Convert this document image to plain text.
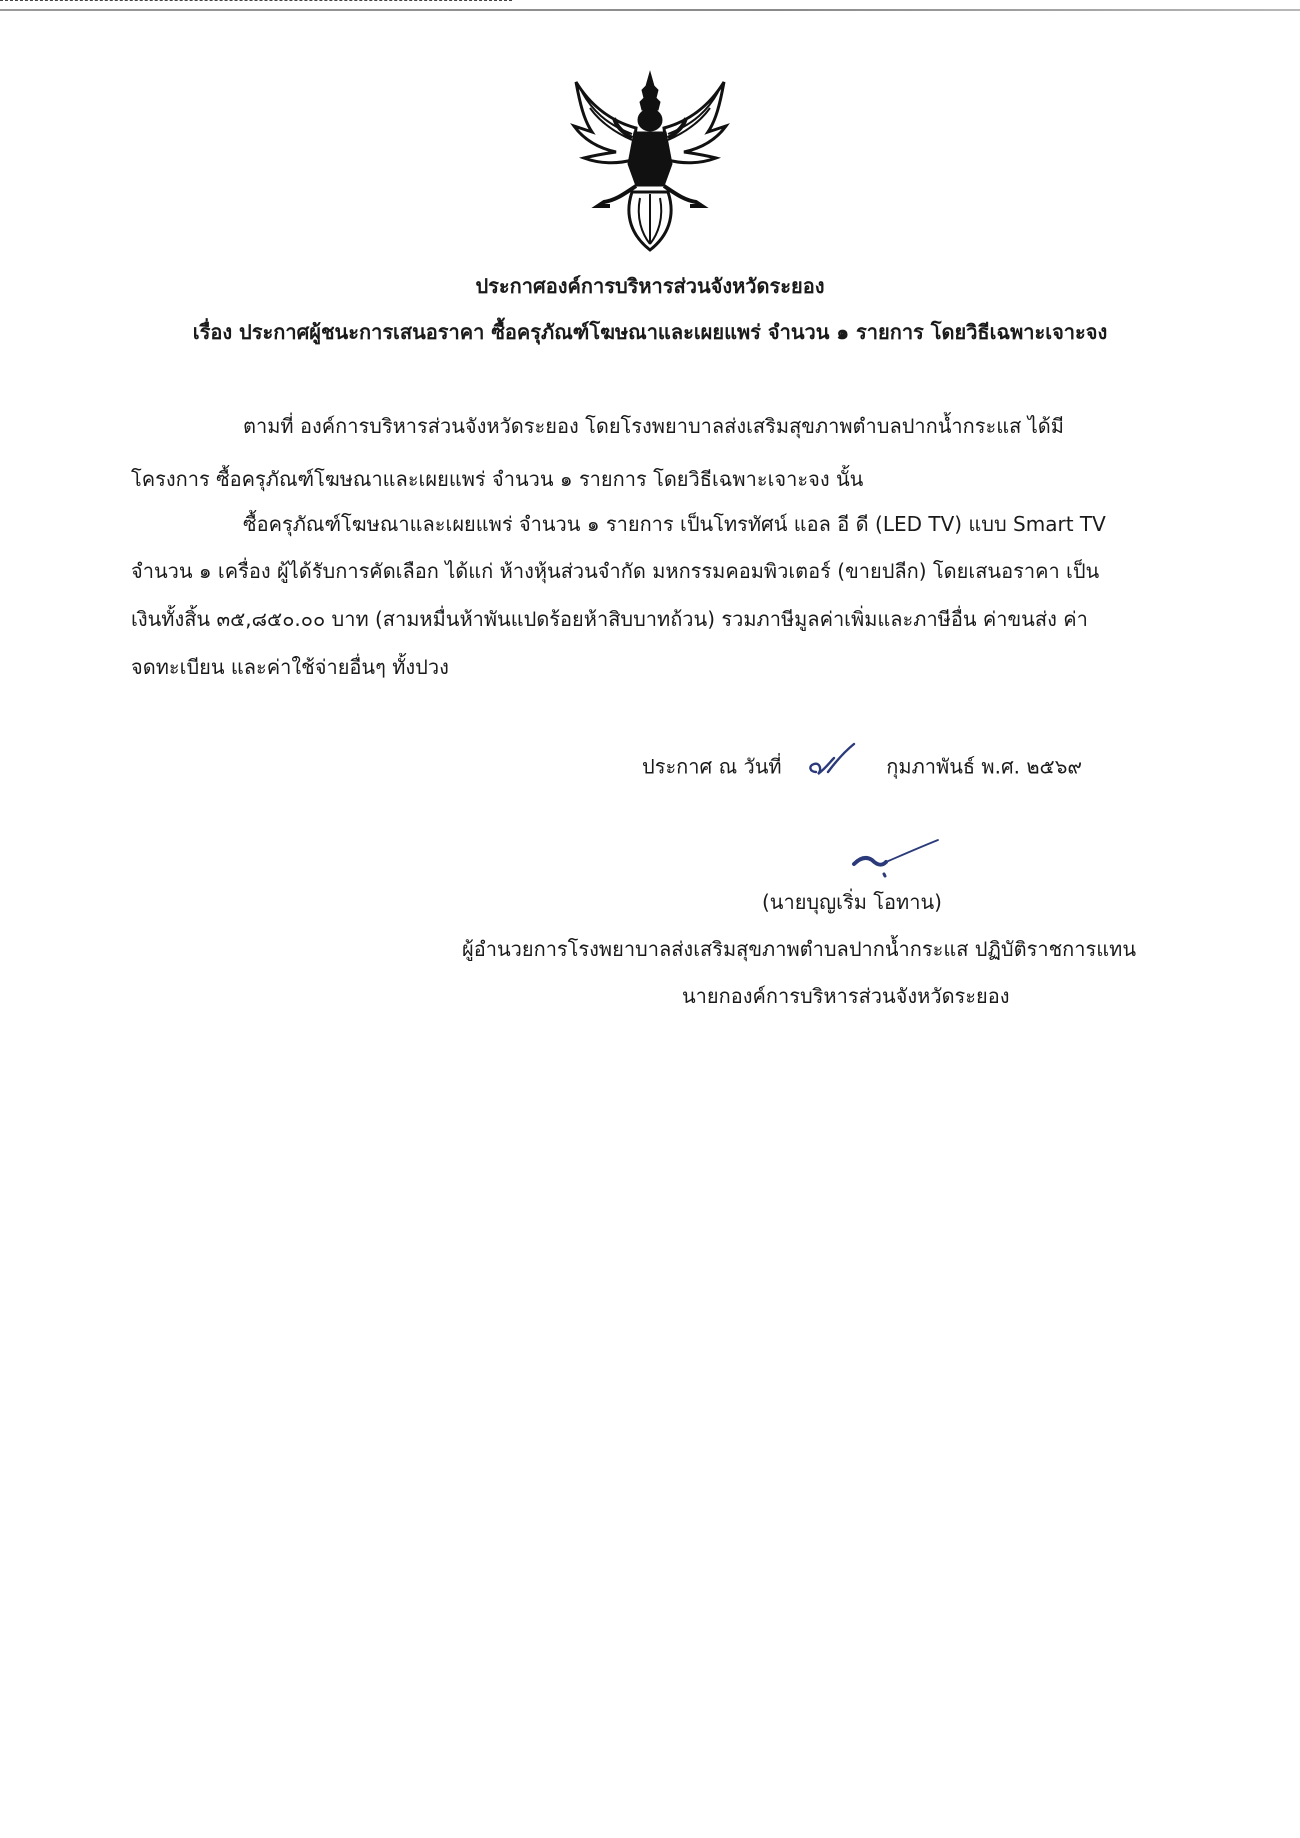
ประกาศองค์การบริหารส่วนจังหวัดระยอง
เรื่อง ประกาศผู้ชนะการเสนอราคา ซื้อครุภัณฑ์โฆษณาและเผยแพร่ จำนวน ๑ รายการ โดยวิธีเฉพาะเจาะจง
ตามที่ องค์การบริหารส่วนจังหวัดระยอง โดยโรงพยาบาลส่งเสริมสุขภาพตำบลปากน้ำกระแส ได้มี
โครงการ ซื้อครุภัณฑ์โฆษณาและเผยแพร่ จำนวน ๑ รายการ โดยวิธีเฉพาะเจาะจง นั้น
ซื้อครุภัณฑ์โฆษณาและเผยแพร่ จำนวน ๑ รายการ เป็นโทรทัศน์ แอล อี ดี (LED TV) แบบ Smart TV
จำนวน ๑ เครื่อง ผู้ได้รับการคัดเลือก ได้แก่ ห้างหุ้นส่วนจำกัด มหกรรมคอมพิวเตอร์ (ขายปลีก) โดยเสนอราคา เป็น
เงินทั้งสิ้น ๓๕,๘๕๐.๐๐ บาท (สามหมื่นห้าพันแปดร้อยห้าสิบบาทถ้วน) รวมภาษีมูลค่าเพิ่มและภาษีอื่น ค่าขนส่ง ค่า
จดทะเบียน และค่าใช้จ่ายอื่นๆ ทั้งปวง
ประกาศ ณ วันที่	กุมภาพันธ์ พ.ศ. ๒๕๖๙
(นายบุญเริ่ม โอทาน)
ผู้อำนวยการโรงพยาบาลส่งเสริมสุขภาพตำบลปากน้ำกระแส ปฏิบัติราชการแทน
นายกองค์การบริหารส่วนจังหวัดระยอง
